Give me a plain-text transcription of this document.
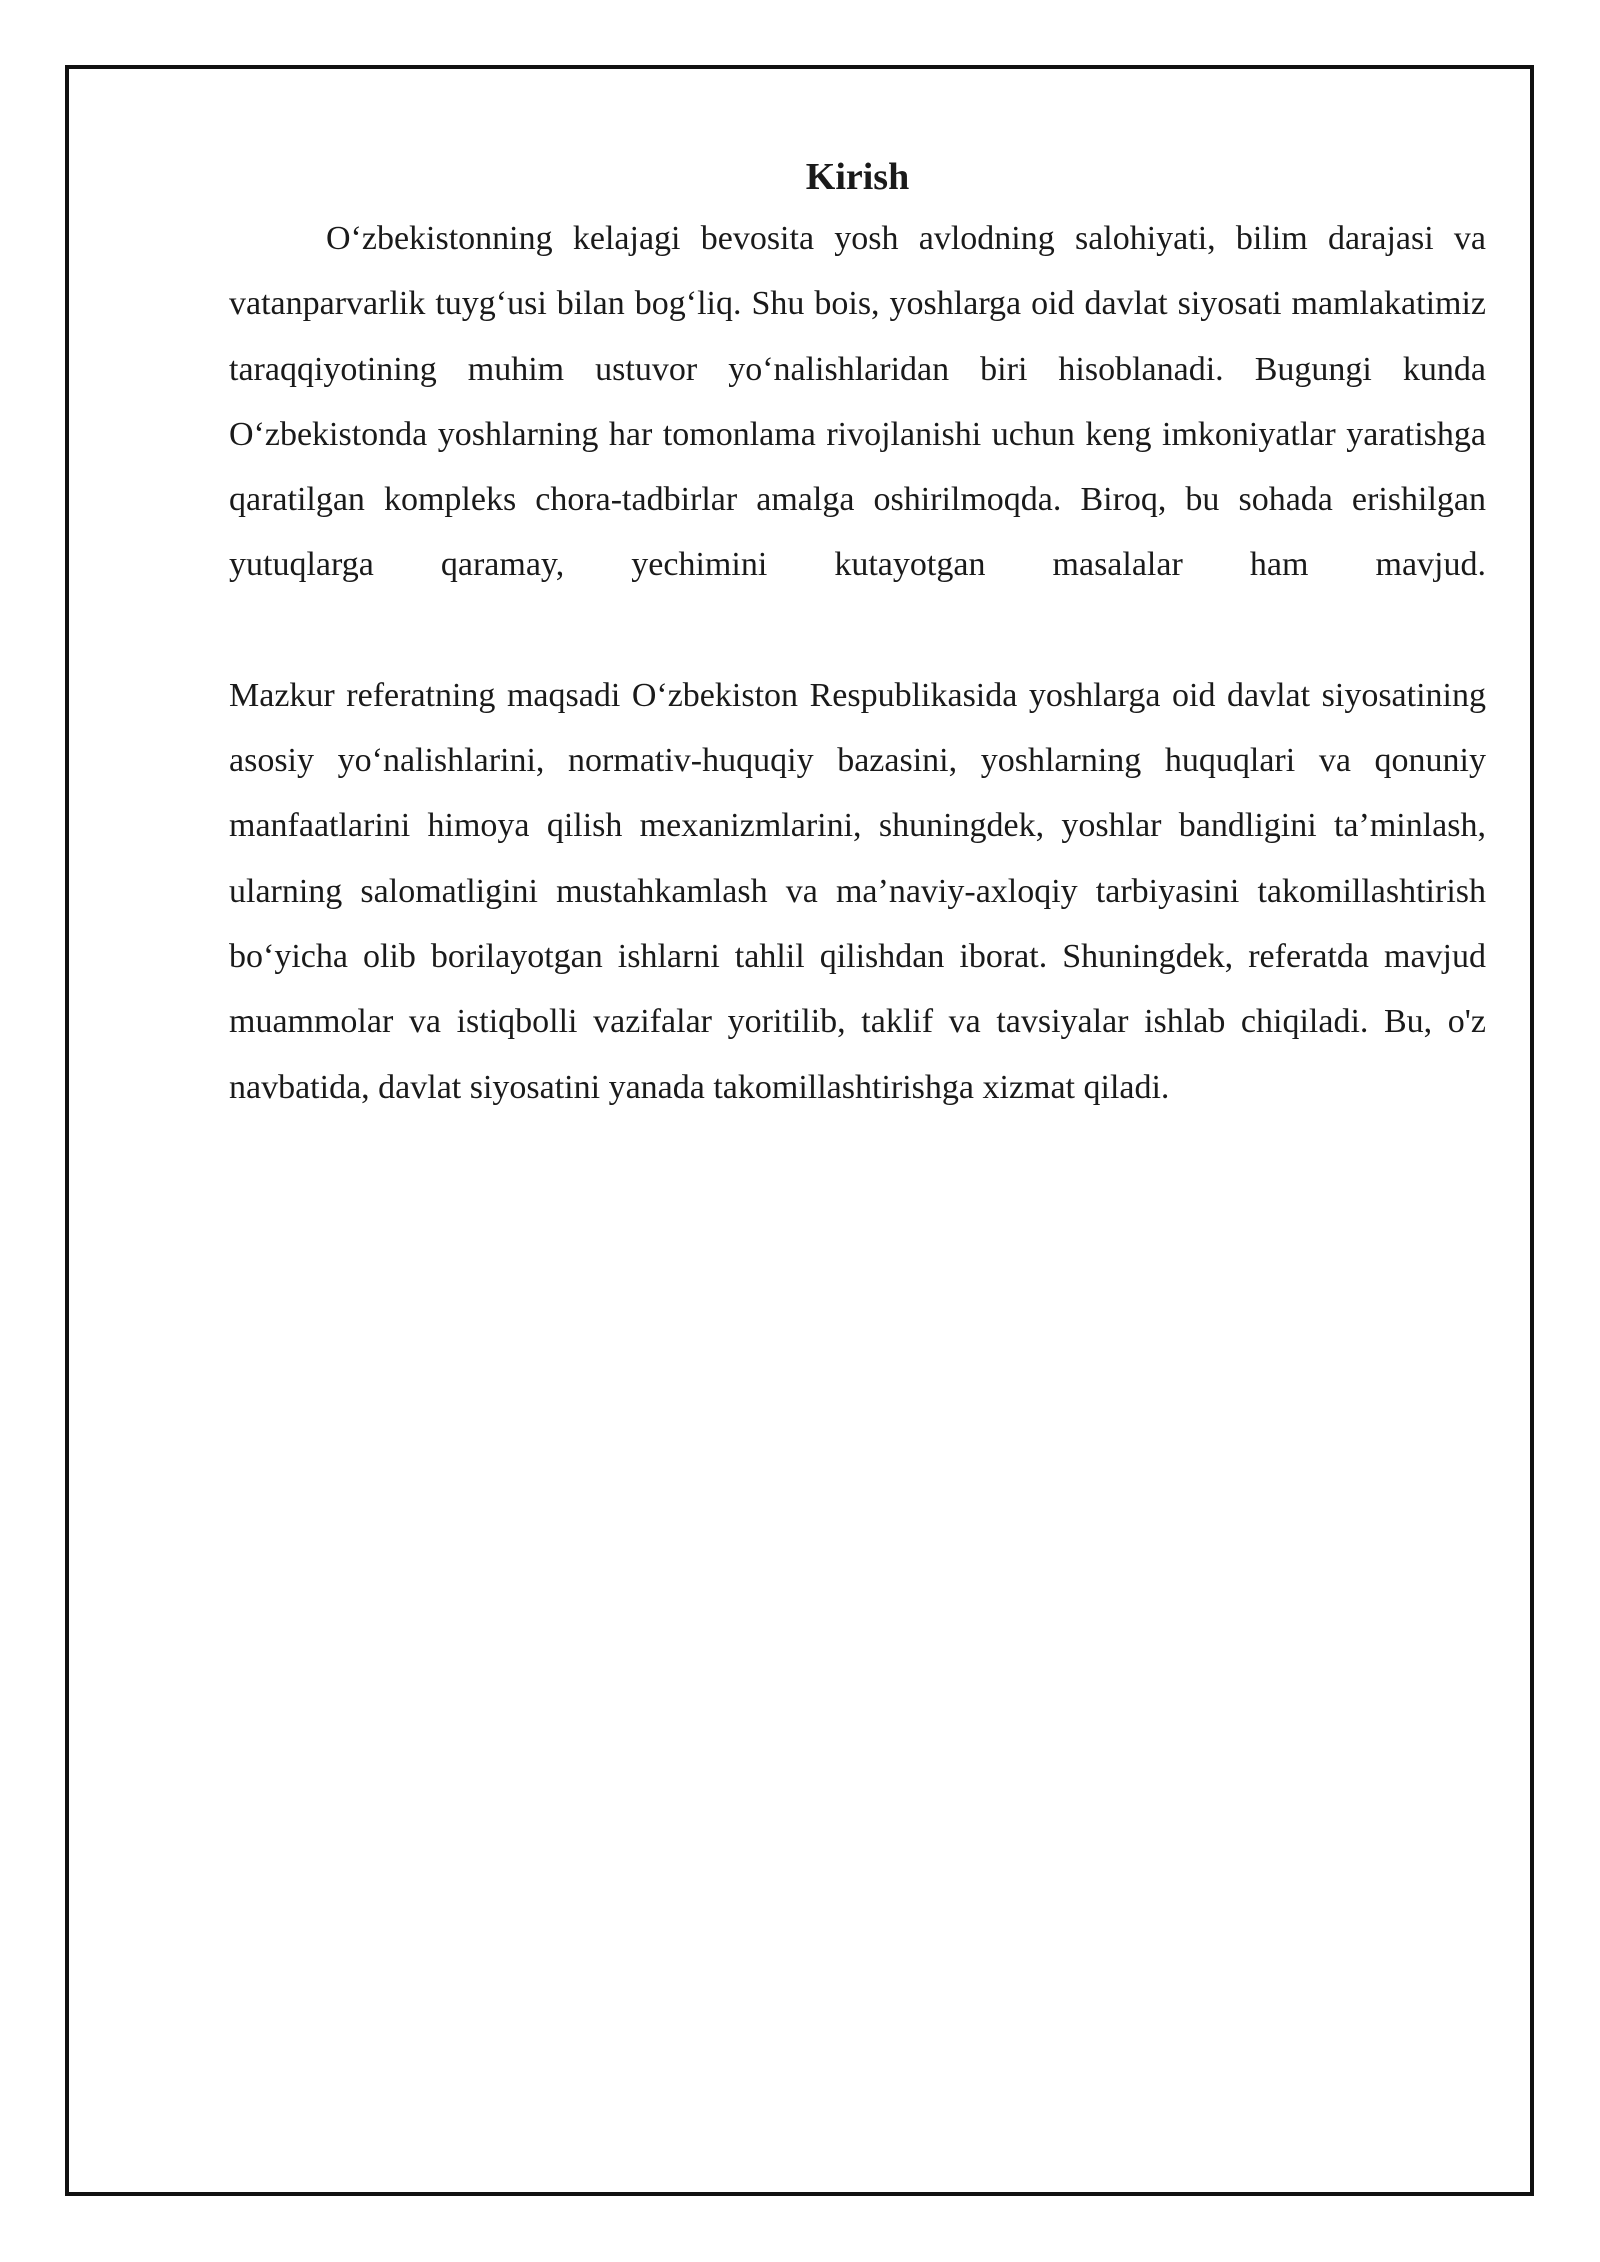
Kirish

O‘zbekistonning kelajagi bevosita yosh avlodning salohiyati, bilim darajasi va vatanparvarlik tuyg‘usi bilan bog‘liq. Shu bois, yoshlarga oid davlat siyosati mamlakatimiz taraqqiyotining muhim ustuvor yo‘nalishlaridan biri hisoblanadi. Bugungi kunda O‘zbekistonda yoshlarning har tomonlama rivojlanishi uchun keng imkoniyatlar yaratishga qaratilgan kompleks chora-tadbirlar amalga oshirilmoqda. Biroq, bu sohada erishilgan yutuqlarga qaramay, yechimini kutayotgan masalalar ham mavjud.

Mazkur referatning maqsadi O‘zbekiston Respublikasida yoshlarga oid davlat siyosatining asosiy yo‘nalishlarini, normativ-huquqiy bazasini, yoshlarning huquqlari va qonuniy manfaatlarini himoya qilish mexanizmlarini, shuningdek, yoshlar bandligini ta’minlash, ularning salomatligini mustahkamlash va ma’naviy-axloqiy tarbiyasini takomillashtirish bo‘yicha olib borilayotgan ishlarni tahlil qilishdan iborat. Shuningdek, referatda mavjud muammolar va istiqbolli vazifalar yoritilib, taklif va tavsiyalar ishlab chiqiladi. Bu, o'z navbatida, davlat siyosatini yanada takomillashtirishga xizmat qiladi.
